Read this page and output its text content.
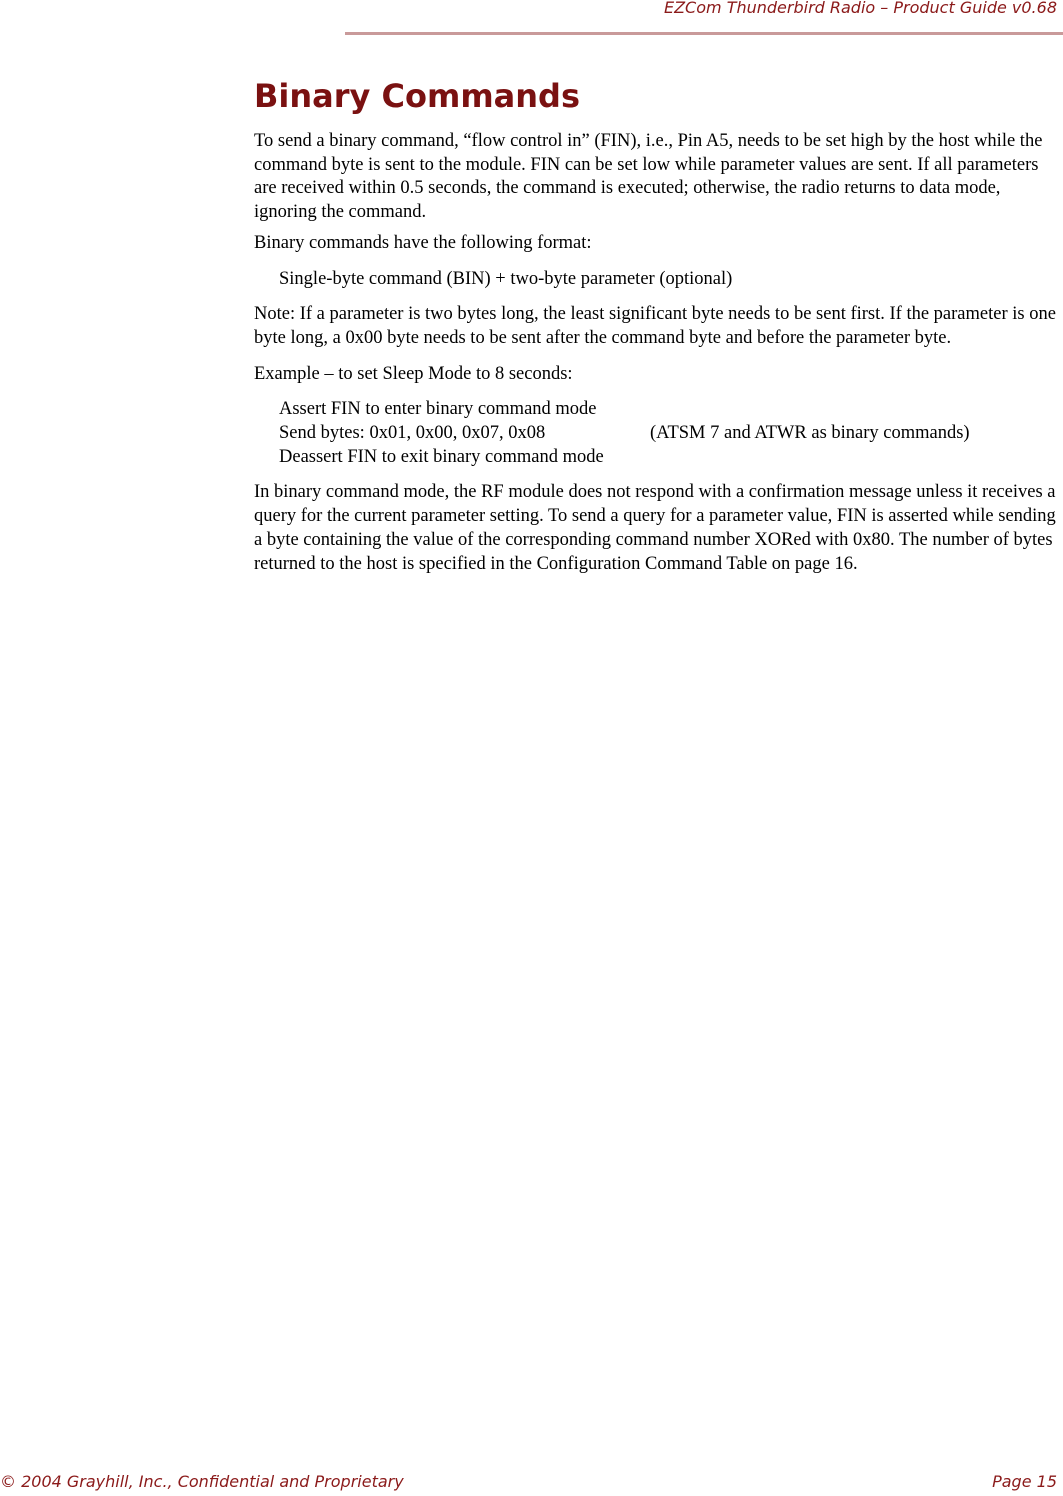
EZCom Thunderbird Radio – Product Guide v0.68
Binary Commands

To send a binary command, “flow control in” (FIN), i.e., Pin A5, needs to be set high by the host while the command byte is sent to the module. FIN can be set low while parameter values are sent. If all parameters are received within 0.5 seconds, the command is executed; otherwise, the radio returns to data mode, ignoring the command.

Binary commands have the following format:

Single-byte command (BIN) + two-byte parameter (optional)

Note: If a parameter is two bytes long, the least significant byte needs to be sent first. If the parameter is one byte long, a 0x00 byte needs to be sent after the command byte and before the parameter byte.

Example – to set Sleep Mode to 8 seconds:

Assert FIN to enter binary command mode
Send bytes: 0x01, 0x00, 0x07, 0x08	(ATSM 7 and ATWR as binary commands)
Deassert FIN to exit binary command mode

In binary command mode, the RF module does not respond with a confirmation message unless it receives a query for the current parameter setting. To send a query for a parameter value, FIN is asserted while sending a byte containing the value of the corresponding command number XORed with 0x80. The number of bytes returned to the host is specified in the Configuration Command Table on page 16.

© 2004 Grayhill, Inc., Confidential and Proprietary	Page 15
